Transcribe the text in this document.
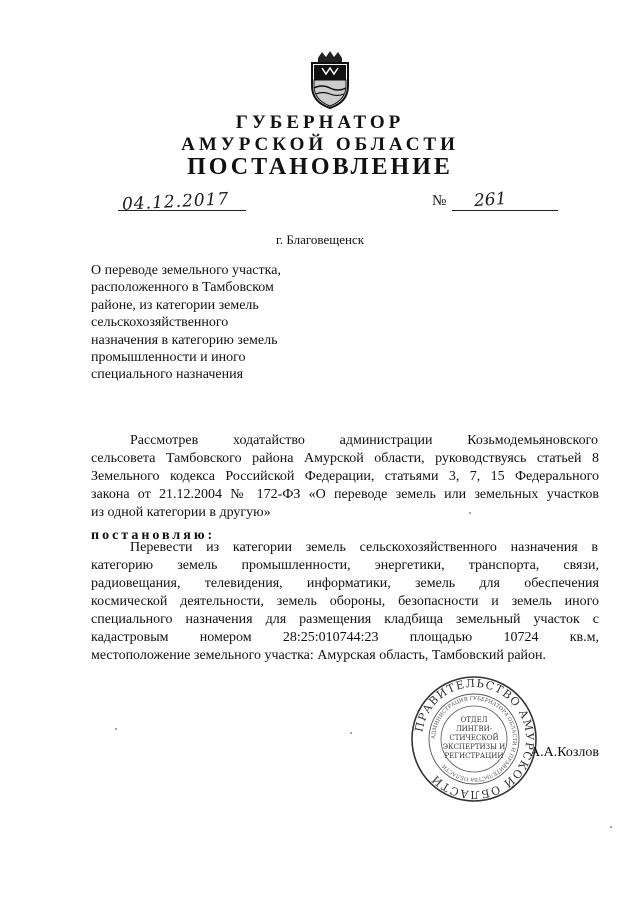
ГУБЕРНАТОР
АМУРСКОЙ ОБЛАСТИ
ПОСТАНОВЛЕНИЕ
04.12.2017	№ 261
г. Благовещенск
О переводе земельного участка,
расположенного в Тамбовском
районе, из категории земель
сельскохозяйственного
назначения в категорию земель
промышленности и иного
специального назначения
Рассмотрев ходатайство администрации Козьмодемьяновского
сельсовета Тамбовского района Амурской области, руководствуясь статьей 8
Земельного кодекса Российской Федерации, статьями 3, 7, 15 Федерального
закона от 21.12.2004 № 172-ФЗ «О переводе земель или земельных участков
из одной категории в другую»
постановляю:
Перевести из категории земель сельскохозяйственного назначения в
категорию земель промышленности, энергетики, транспорта, связи,
радиовещания, телевидения, информатики, земель для обеспечения
космической деятельности, земель обороны, безопасности и земель иного
специального назначения для размещения кладбища земельный участок с
кадастровым номером 28:25:010744:23 площадью 10724 кв.м,
местоположение земельного участка: Амурская область, Тамбовский район.
ПРАВИТЕЛЬСТВО АМУРСКОЙ ОБЛАСТИ
АДМИНИСТРАЦИЯ ГУБЕРНАТОРА ОБЛАСТИ И ПРАВИТЕЛЬСТВА ОБЛАСТИ
ОТДЕЛ
ЛИНГВИ-
СТИЧЕСКОЙ
ЭКСПЕРТИЗЫ И
РЕГИСТРАЦИИ А.А.Козлов
